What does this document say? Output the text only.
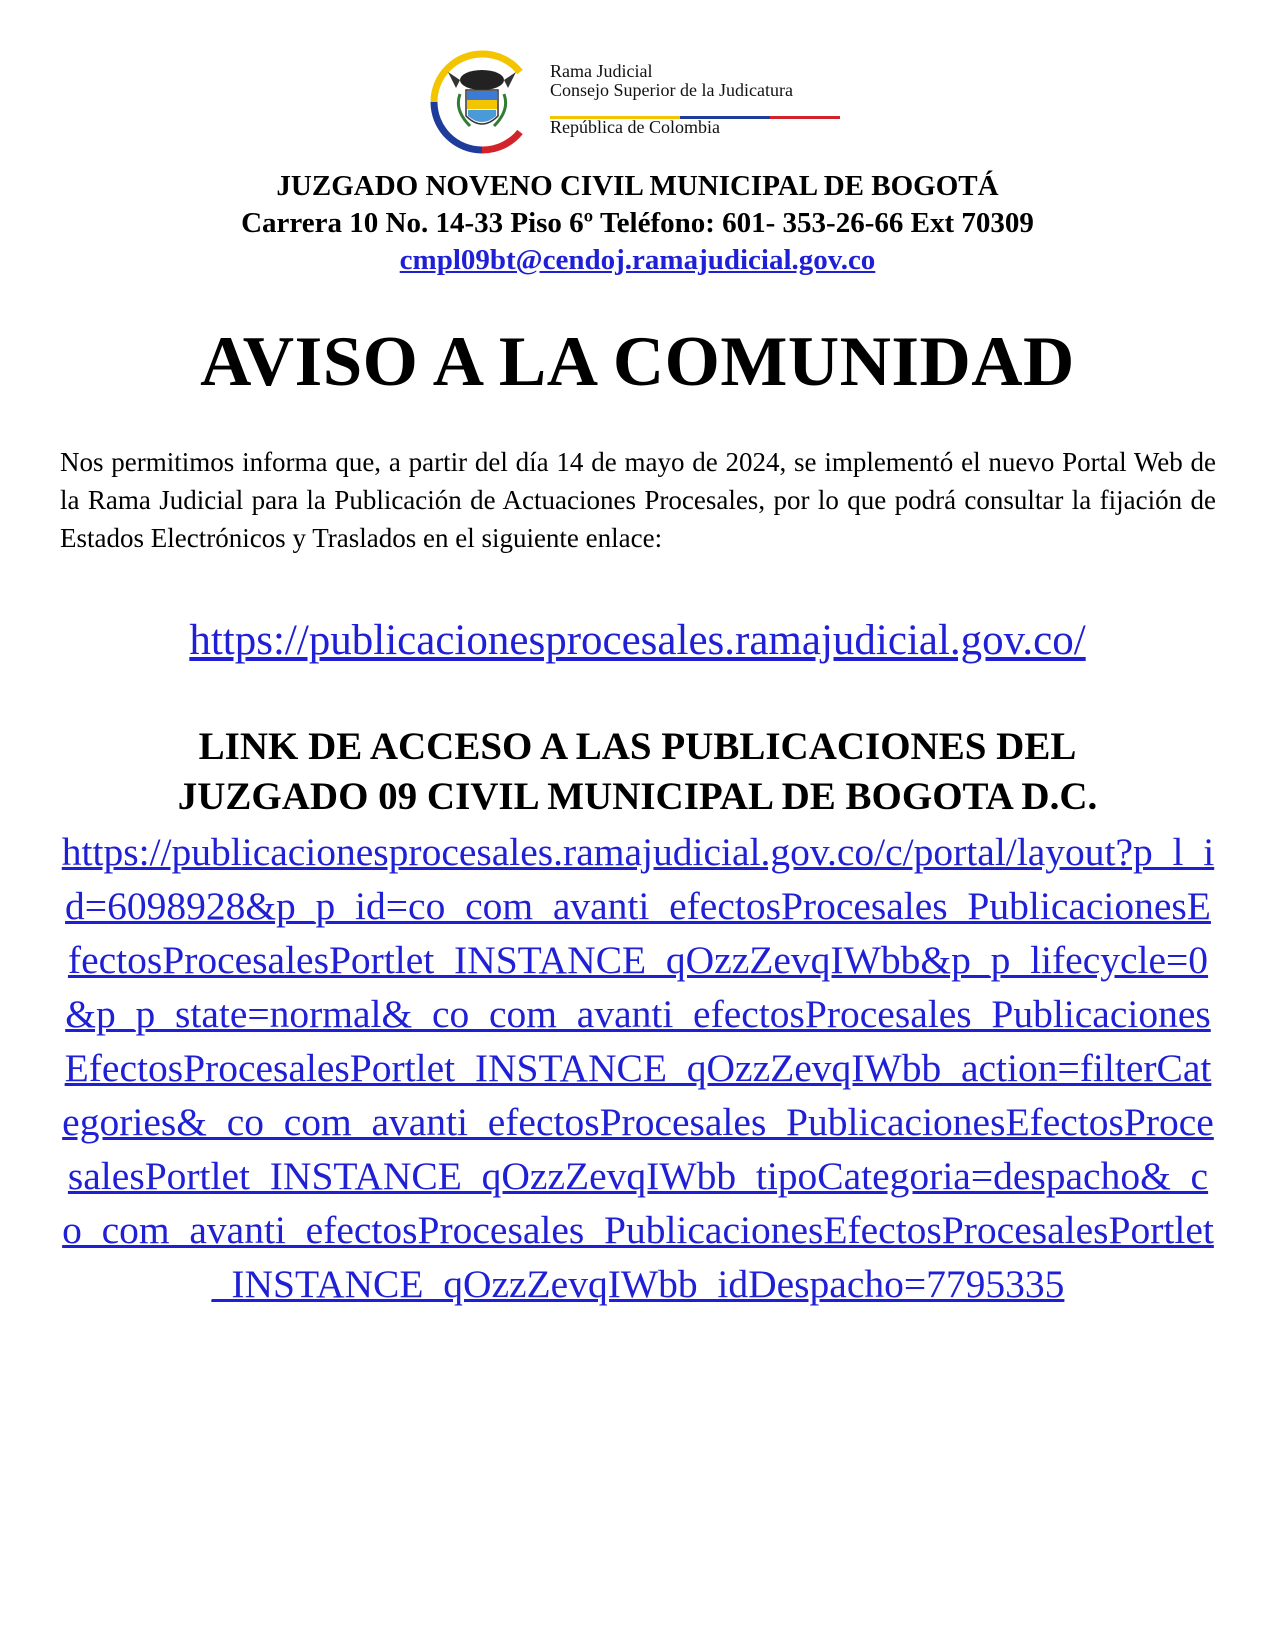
Rama Judicial
Consejo Superior de la Judicatura
República de Colombia
JUZGADO NOVENO CIVIL MUNICIPAL DE BOGOTÁ
Carrera 10 No. 14-33 Piso 6º Teléfono: 601- 353-26-66 Ext 70309
cmpl09bt@cendoj.ramajudicial.gov.co
AVISO A LA COMUNIDAD
Nos permitimos informa que, a partir del día 14 de mayo de 2024, se implementó el nuevo Portal Web de la Rama Judicial para la Publicación de Actuaciones Procesales, por lo que podrá consultar la fijación de Estados Electrónicos y Traslados en el siguiente enlace:
https://publicacionesprocesales.ramajudicial.gov.co/
LINK DE ACCESO A LAS PUBLICACIONES DEL
JUZGADO 09 CIVIL MUNICIPAL DE BOGOTA D.C.
https://publicacionesprocesales.ramajudicial.gov.co/c/portal/layout?p_l_id=6098928&p_p_id=co_com_avanti_efectosProcesales_PublicacionesEfectosProcesalesPortlet_INSTANCE_qOzzZevqIWbb&p_p_lifecycle=0&p_p_state=normal&_co_com_avanti_efectosProcesales_PublicacionesEfectosProcesalesPortlet_INSTANCE_qOzzZevqIWbb_action=filterCategories&_co_com_avanti_efectosProcesales_PublicacionesEfectosProcesalesPortlet_INSTANCE_qOzzZevqIWbb_tipoCategoria=despacho&_co_com_avanti_efectosProcesales_PublicacionesEfectosProcesalesPortlet_INSTANCE_qOzzZevqIWbb_idDespacho=7795335
